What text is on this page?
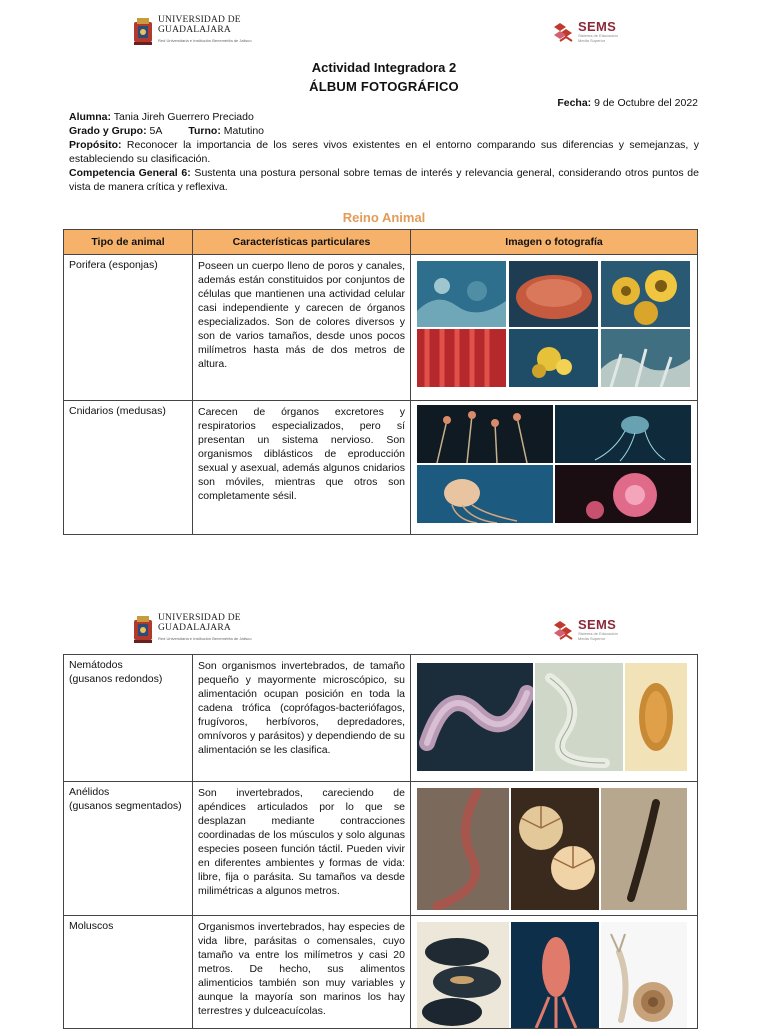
UNIVERSIDAD DE
GUADALAJARA
Red Universitaria e Institución Benemérita de Jalisco
SEMS
Sistema de Educación
Media Superior
Actividad Integradora 2
ÁLBUM FOTOGRÁFICO
Fecha: 9 de Octubre del 2022
Alumna: Tania Jireh Guerrero Preciado
Grado y Grupo: 5A Turno: Matutino
Propósito: Reconocer la importancia de los seres vivos existentes en el entorno comparando sus diferencias y semejanzas, y estableciendo su clasificación.
Competencia General 6: Sustenta una postura personal sobre temas de interés y relevancia general, considerando otros puntos de vista de manera crítica y reflexiva.
Reino Animal
Tipo de animal	Características particulares	Imagen o fotografía

Porifera (esponjas)	Poseen un cuerpo lleno de poros y canales, además están constituidos por conjuntos de células que mantienen una actividad celular casi independiente y carecen de órganos especializados. Son de colores diversos y son de varios tamaños, desde unos pocos milímetros hasta más de dos metros de altura.

Cnidarios (medusas)	Carecen de órganos excretores y respiratorios especializados, pero sí presentan un sistema nervioso. Son organismos diblásticos de eproducción sexual y asexual, además algunos cnidarios son móviles, mientras que otros son completamente sésil.

UNIVERSIDAD DE
GUADALAJARA
Red Universitaria e Institución Benemérita de Jalisco
SEMS
Sistema de Educación
Media Superior
Nemátodos
(gusanos redondos)	Son organismos invertebrados, de tamaño pequeño y mayormente microscópico, su alimentación ocupan posición en toda la cadena trófica (coprófagos-bacteriófagos, frugívoros, herbívoros, depredadores, omnívoros y parásitos) y dependiendo de su alimentación se les clasifica.

Anélidos
(gusanos segmentados)	Son invertebrados, careciendo de apéndices articulados por lo que se desplazan mediante contracciones coordinadas de los músculos y solo algunas especies poseen función táctil. Pueden vivir en diferentes ambientes y formas de vida: libre, fija o parásita. Su tamaños va desde milimétricas a algunos metros.

Moluscos	Organismos invertebrados, hay especies de vida libre, parásitas o comensales, cuyo tamaño va entre los milímetros y casi 20 metros. De hecho, sus alimentos alimenticios también son muy variables y aunque la mayoría son marinos los hay terrestres y dulceacuícolas.
